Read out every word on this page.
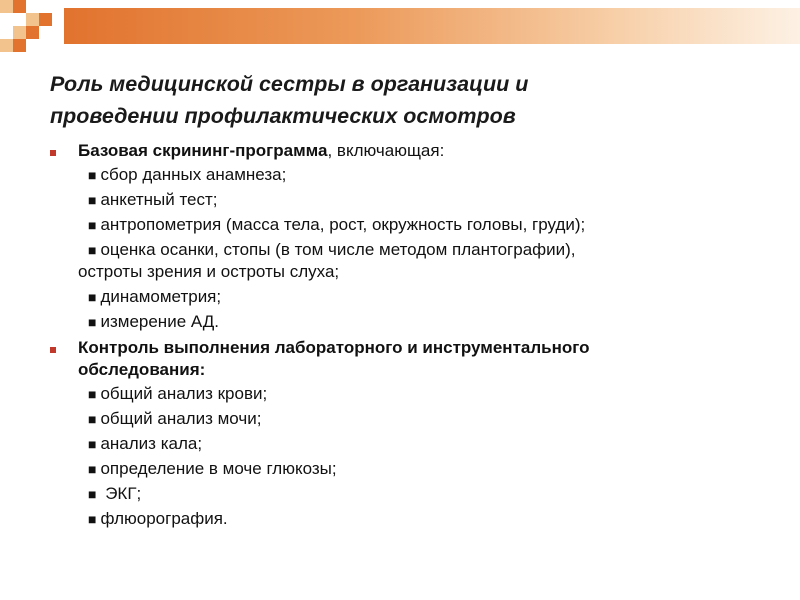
Роль медицинской сестры в организации и
проведении профилактических осмотров
Базовая скрининг-программа, включающая:
■ сбор данных анамнеза;
■ анкетный тест;
■ антропометрия (масса тела, рост, окружность головы, груди);
■ оценка осанки, стопы (в том числе методом плантографии),
остроты зрения и остроты слуха;
■ динамометрия;
■ измерение АД.
Контроль выполнения лабораторного и инструментального
обследования:
■ общий анализ крови;
■ общий анализ мочи;
■ анализ кала;
■ определение в моче глюкозы;
■ ЭКГ;
■ флюорография.
